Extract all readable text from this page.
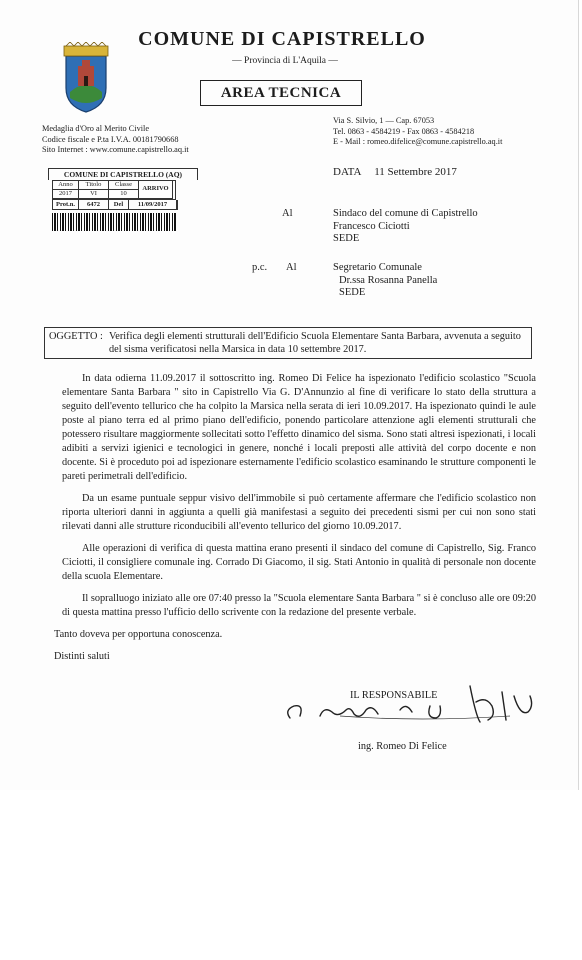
COMUNE DI CAPISTRELLO
— Provincia di L'Aquila —
AREA TECNICA
Medaglia d'Oro al Merito Civile
Codice fiscale e P.ta I.V.A. 00181790668
Sito Internet : www.comune.capistrello.aq.it
Via S. Silvio, 1 — Cap. 67053
Tel. 0863 - 4584219 - Fax 0863 - 4584218
E - Mail : romeo.difelice@comune.capistrello.aq.it
COMUNE DI CAPISTRELLO (AQ)
Anno	Titolo	Classe
ARRIVO
2017	VI	10
Prot.n.	6472	Del	11/09/2017
DATA 11 Settembre 2017
Al	Sindaco del comune di Capistrello
Francesco Ciciotti
SEDE
p.c. Al	Segretario Comunale
Dr.ssa Rosanna Panella
SEDE
OGGETTO : Verifica degli elementi strutturali dell'Edificio Scuola Elementare Santa Barbara, avvenuta a seguito del sisma verificatosi nella Marsica in data 10 settembre 2017.

In data odierna 11.09.2017 il sottoscritto ing. Romeo Di Felice ha ispezionato l'edificio scolastico "Scuola elementare Santa Barbara " sito in Capistrello Via G. D'Annunzio al fine di verificare lo stato della struttura a seguito dell'evento tellurico che ha colpito la Marsica nella serata di ieri 10.09.2017. Ha ispezionato quindi le aule poste al piano terra ed al primo piano dell'edificio, ponendo particolare attenzione agli elementi strutturali che potessero risultare maggiormente sollecitati sotto l'effetto dinamico del sisma. Sono stati altresì ispezionati, i locali adibiti a servizi igienici e tecnologici in genere, nonché i locali preposti alle attività del corpo docente e non docente. Si è proceduto poi ad ispezionare esternamente l'edificio scolastico esaminando le strutture componenti le pareti perimetrali dell'edificio.

Da un esame puntuale seppur visivo dell'immobile si può certamente affermare che l'edificio scolastico non riporta ulteriori danni in aggiunta a quelli già manifestasi a seguito dei precedenti sismi per cui non sono stati rilevati danni alle strutture riconducibili all'evento tellurico del giorno 10.09.2017.

Alle operazioni di verifica di questa mattina erano presenti il sindaco del comune di Capistrello, Sig. Franco Ciciotti, il consigliere comunale ing. Corrado Di Giacomo, il sig. Stati Antonio in qualità di personale non docente della scuola Elementare.

Il sopralluogo iniziato alle ore 07:40 presso la "Scuola elementare Santa Barbara " si è concluso alle ore 09:20 di questa mattina presso l'ufficio dello scrivente con la redazione del presente verbale.

Tanto doveva per opportuna conoscenza.

Distinti saluti

IL RESPONSABILE
ing. Romeo Di Felice
